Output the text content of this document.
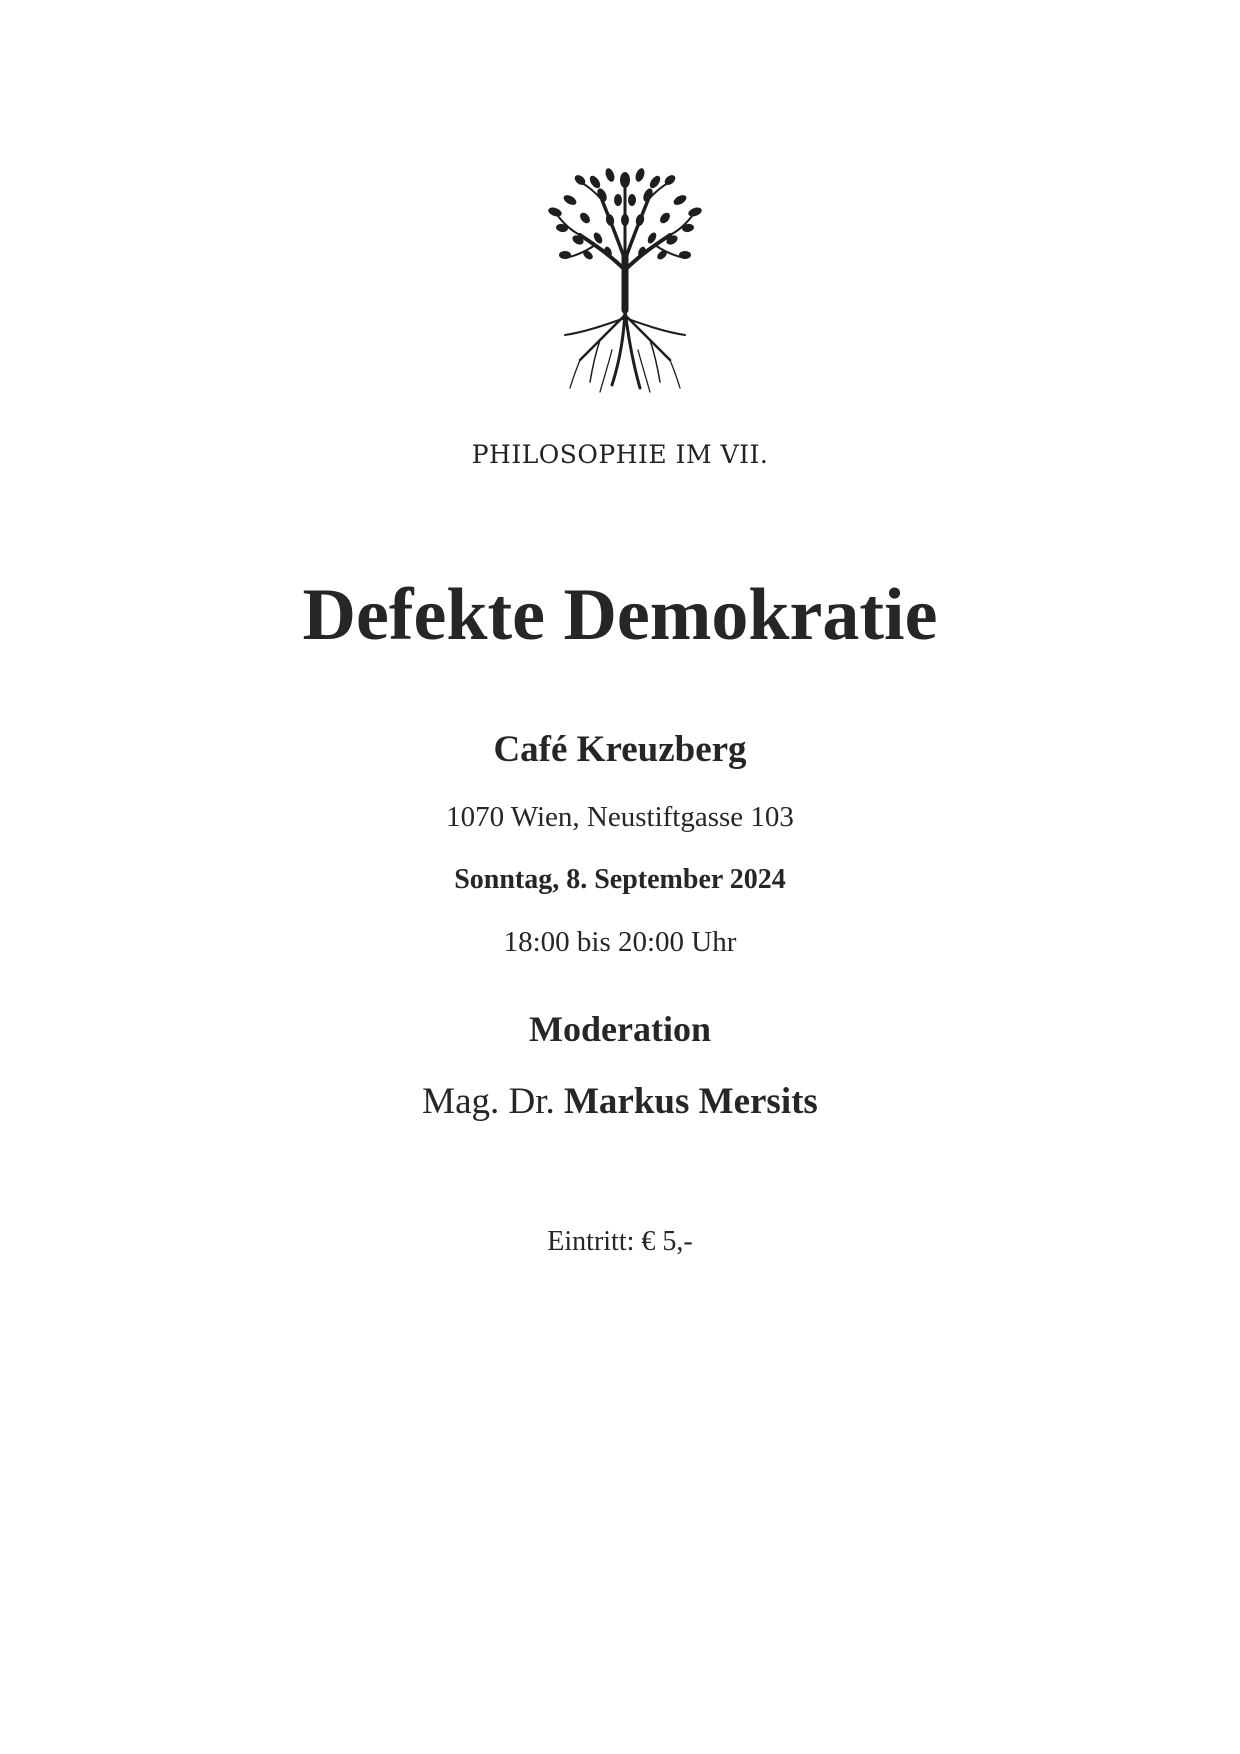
PHILOSOPHIE IM VII.
Defekte Demokratie
Café Kreuzberg
1070 Wien, Neustiftgasse 103
Sonntag, 8. September 2024
18:00 bis 20:00 Uhr
Moderation
Mag. Dr. Markus Mersits
Eintritt: € 5,-
